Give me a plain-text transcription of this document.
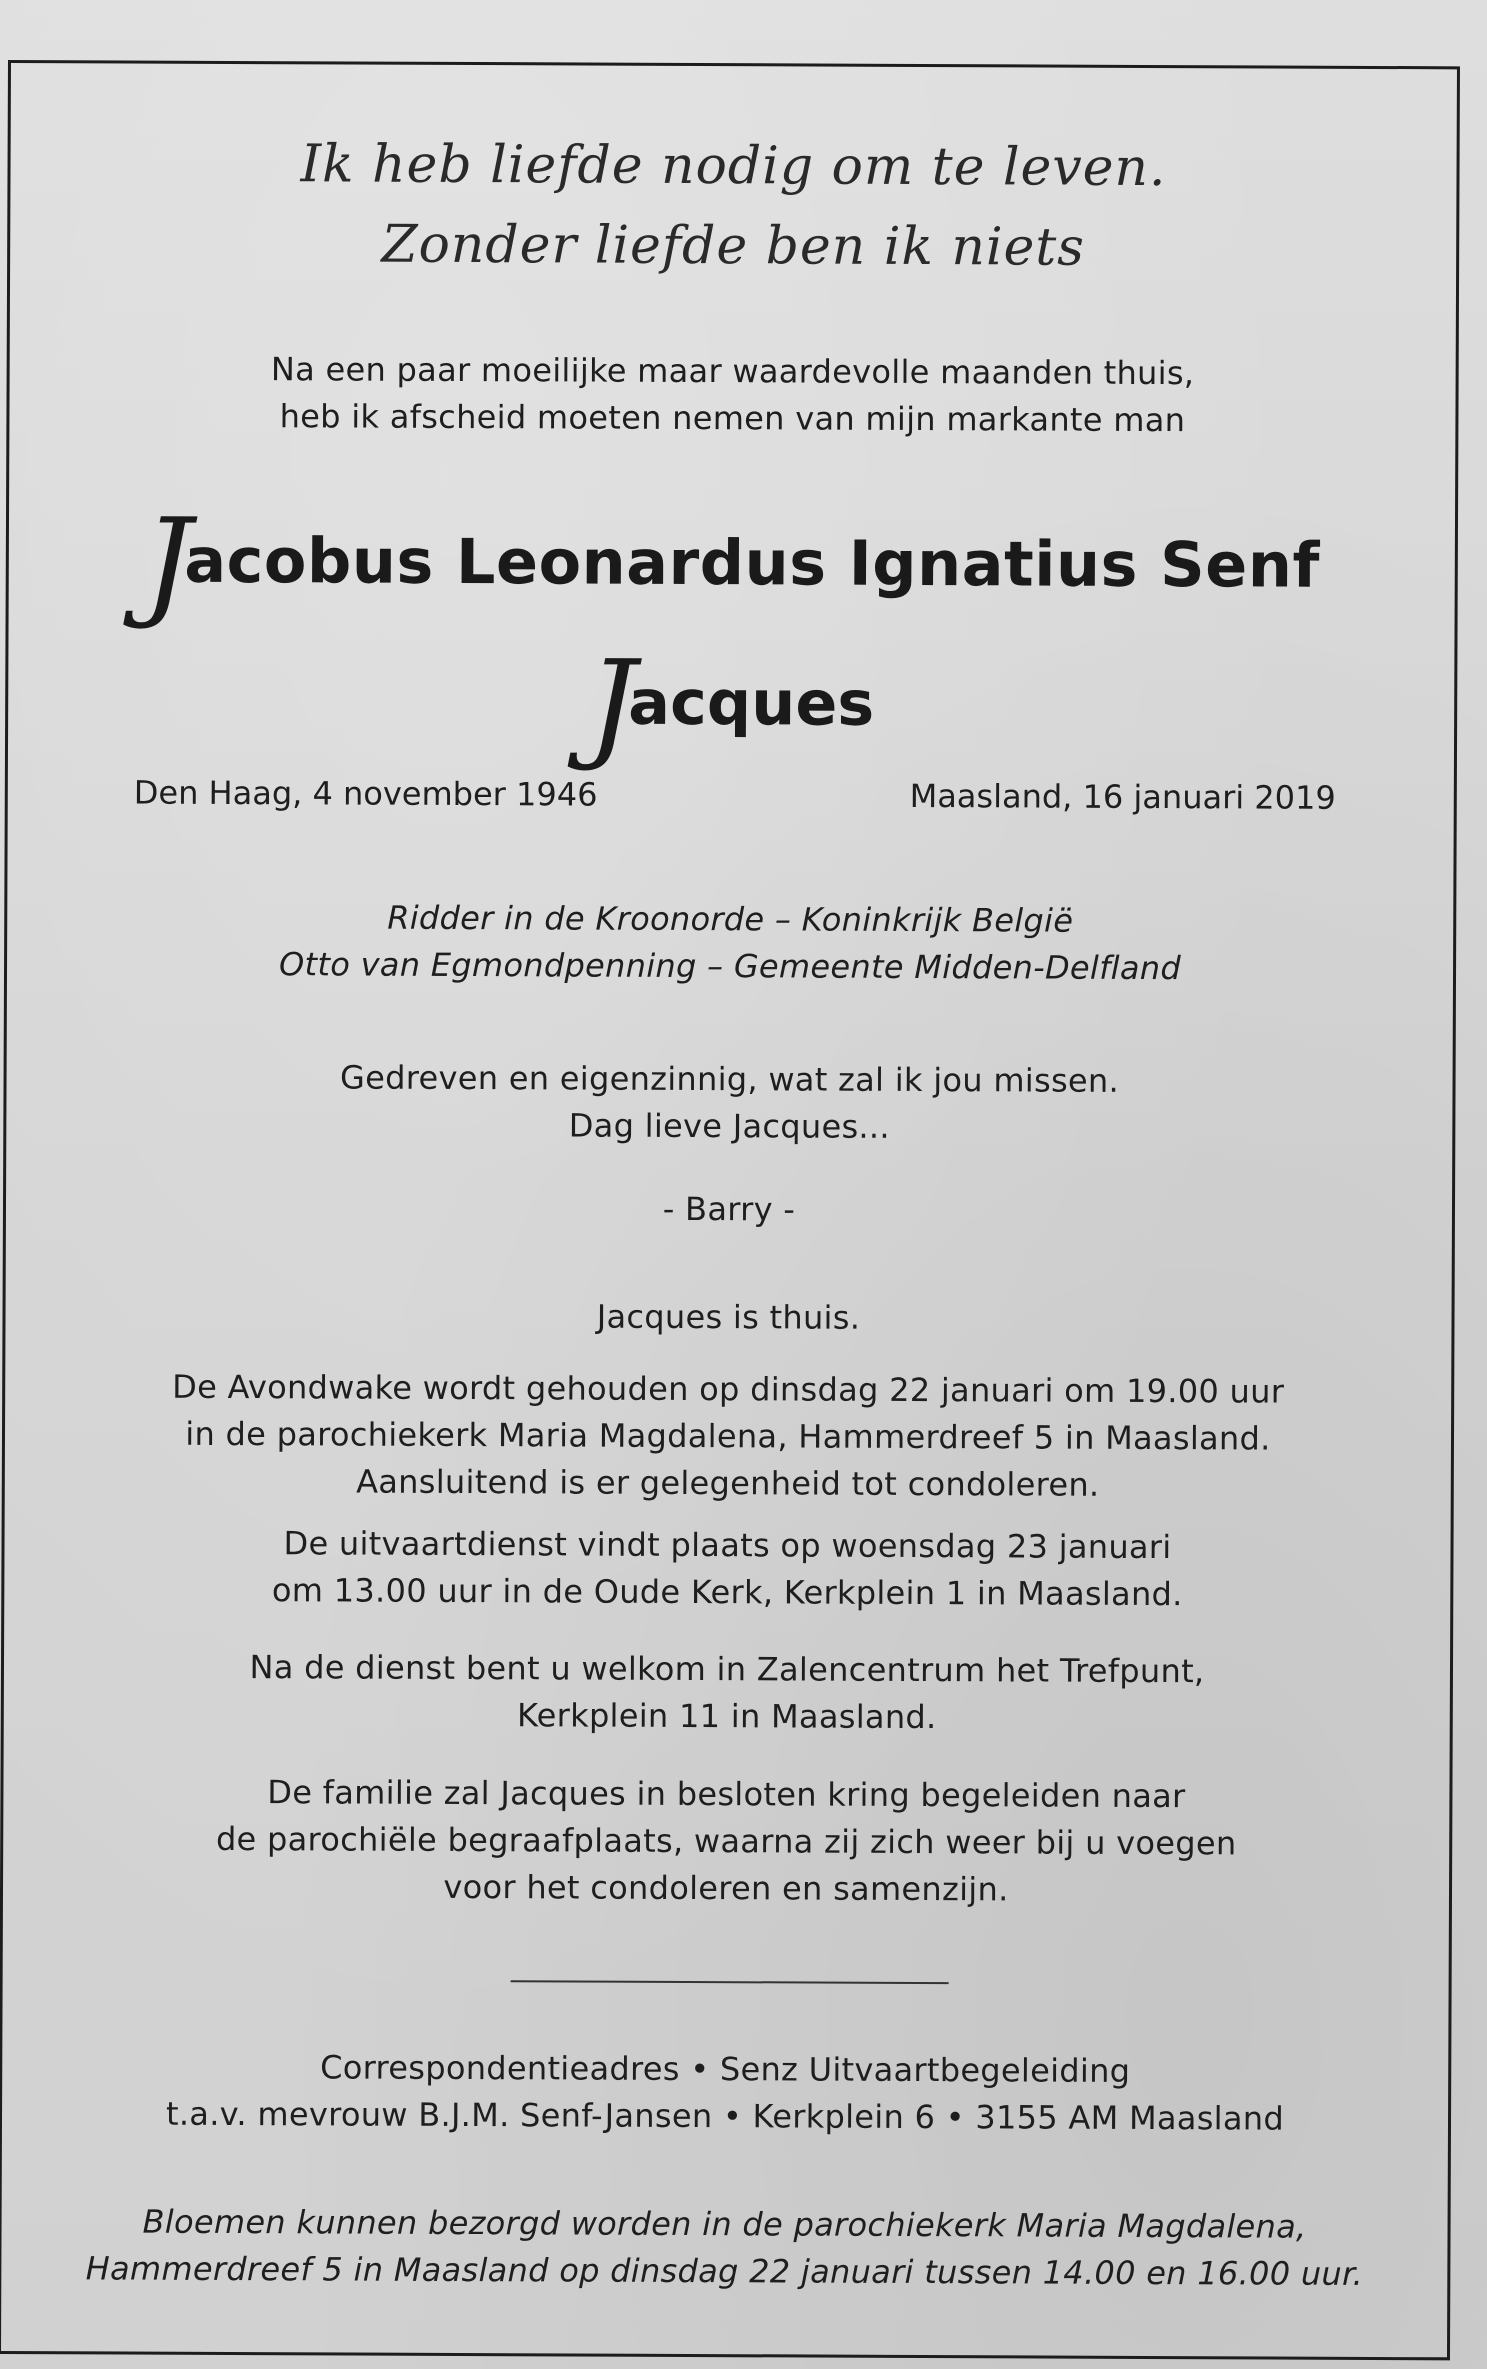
Ik heb liefde nodig om te leven.
Zonder liefde ben ik niets
Na een paar moeilijke maar waardevolle maanden thuis,
heb ik afscheid moeten nemen van mijn markante man
Jacobus Leonardus Ignatius Senf
Jacques
Den Haag, 4 november 1946	Maasland, 16 januari 2019
Ridder in de Kroonorde – Koninkrijk België
Otto van Egmondpenning – Gemeente Midden-Delfland
Gedreven en eigenzinnig, wat zal ik jou missen.
Dag lieve Jacques...
- Barry -
Jacques is thuis.
De Avondwake wordt gehouden op dinsdag 22 januari om 19.00 uur
in de parochiekerk Maria Magdalena, Hammerdreef 5 in Maasland.
Aansluitend is er gelegenheid tot condoleren.
De uitvaartdienst vindt plaats op woensdag 23 januari
om 13.00 uur in de Oude Kerk, Kerkplein 1 in Maasland.
Na de dienst bent u welkom in Zalencentrum het Trefpunt,
Kerkplein 11 in Maasland.
De familie zal Jacques in besloten kring begeleiden naar
de parochiële begraafplaats, waarna zij zich weer bij u voegen
voor het condoleren en samenzijn.
Correspondentieadres • Senz Uitvaartbegeleiding
t.a.v. mevrouw B.J.M. Senf-Jansen • Kerkplein 6 • 3155 AM Maasland
Bloemen kunnen bezorgd worden in de parochiekerk Maria Magdalena,
Hammerdreef 5 in Maasland op dinsdag 22 januari tussen 14.00 en 16.00 uur.
